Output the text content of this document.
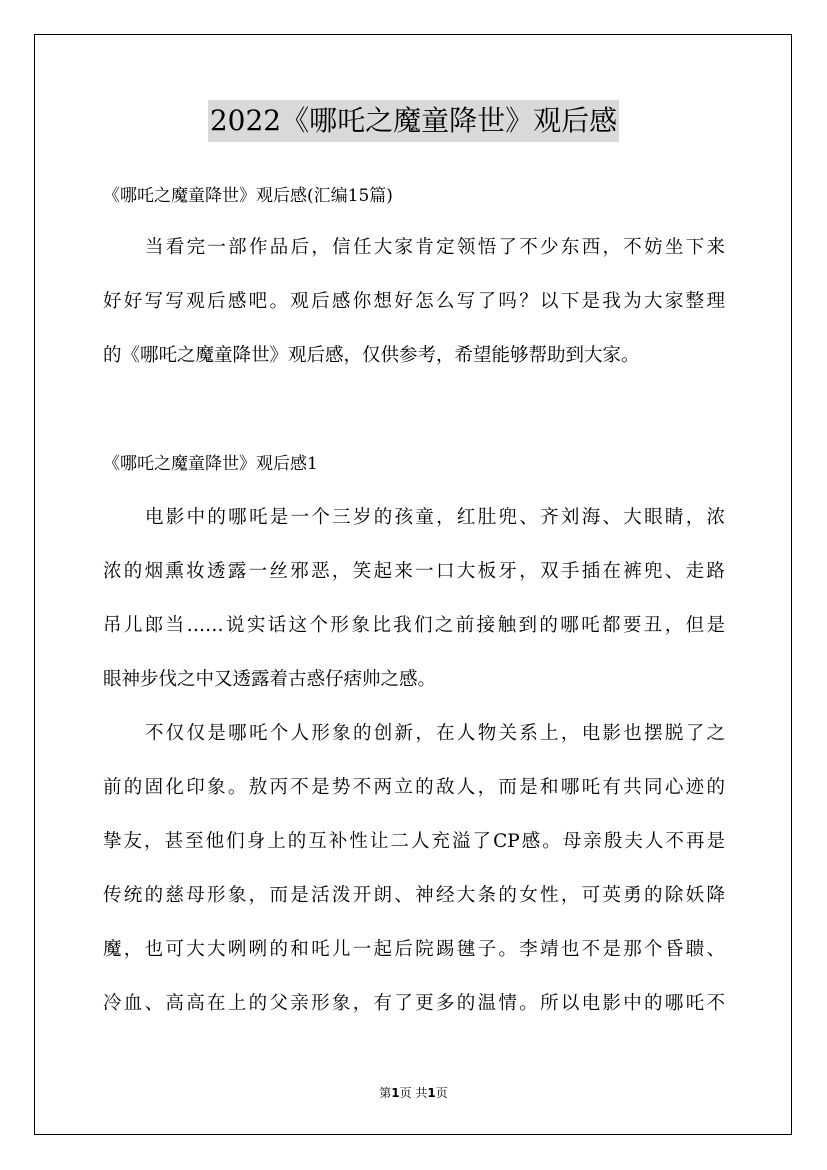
2022《哪吒之魔童降世》观后感
《哪吒之魔童降世》观后感(汇编15篇)
当看完一部作品后，信任大家肯定领悟了不少东西，不妨坐下来
好好写写观后感吧。观后感你想好怎么写了吗？以下是我为大家整理
的《哪吒之魔童降世》观后感，仅供参考，希望能够帮助到大家。
《哪吒之魔童降世》观后感1
电影中的哪吒是一个三岁的孩童，红肚兜、齐刘海、大眼睛，浓
浓的烟熏妆透露一丝邪恶，笑起来一口大板牙，双手插在裤兜、走路
吊儿郎当……说实话这个形象比我们之前接触到的哪吒都要丑，但是
眼神步伐之中又透露着古惑仔痞帅之感。
不仅仅是哪吒个人形象的创新，在人物关系上，电影也摆脱了之
前的固化印象。敖丙不是势不两立的敌人，而是和哪吒有共同心迹的
挚友，甚至他们身上的互补性让二人充溢了CP感。母亲殷夫人不再是
传统的慈母形象，而是活泼开朗、神经大条的女性，可英勇的除妖降
魔，也可大大咧咧的和吒儿一起后院踢毽子。李靖也不是那个昏聩、
冷血、高高在上的父亲形象，有了更多的温情。所以电影中的哪吒不
第1页 共1页
